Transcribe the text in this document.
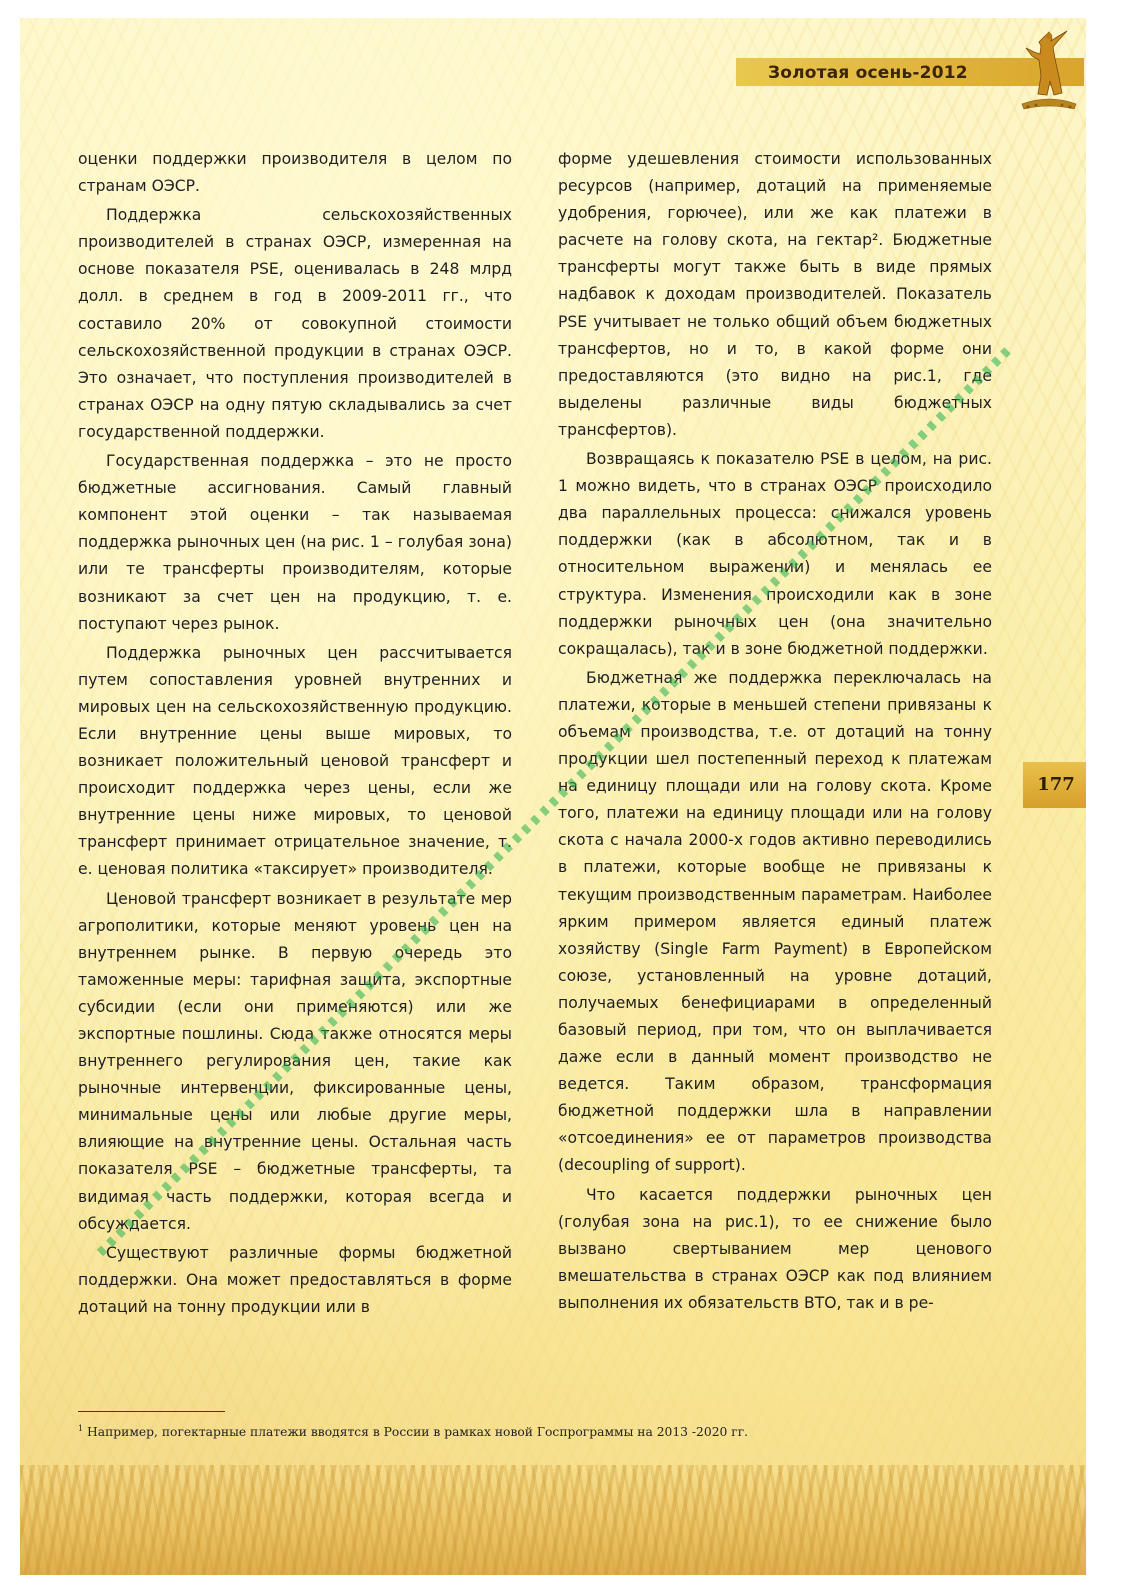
Золотая осень-2012
177

оценки поддержки производителя в целом по странам ОЭСР.

Поддержка сельскохозяйственных производителей в странах ОЭСР, измеренная на основе показателя PSE, оценивалась в 248 млрд долл. в среднем в год в 2009-2011 гг., что составило 20% от совокупной стоимости сельскохозяйственной продукции в странах ОЭСР. Это означает, что поступления производителей в странах ОЭСР на одну пятую складывались за счет государственной поддержки.

Государственная поддержка – это не просто бюджетные ассигнования. Самый главный компонент этой оценки – так называемая поддержка рыночных цен (на рис. 1 – голубая зона) или те трансферты производителям, которые возникают за счет цен на продукцию, т. е. поступают через рынок.

Поддержка рыночных цен рассчитывается путем сопоставления уровней внутренних и мировых цен на сельскохозяйственную продукцию. Если внутренние цены выше мировых, то возникает положительный ценовой трансферт и происходит поддержка через цены, если же внутренние цены ниже мировых, то ценовой трансферт принимает отрицательное значение, т. е. ценовая политика «таксирует» производителя.

Ценовой трансферт возникает в результате мер агрополитики, которые меняют уровень цен на внутреннем рынке. В первую очередь это таможенные меры: тарифная защита, экспортные субсидии (если они применяются) или же экспортные пошлины. Сюда также относятся меры внутреннего регулирования цен, такие как рыночные интервенции, фиксированные цены, минимальные цены или любые другие меры, влияющие на внутренние цены. Остальная часть показателя PSE – бюджетные трансферты, та видимая часть поддержки, которая всегда и обсуждается.

Существуют различные формы бюджетной поддержки. Она может предоставляться в форме дотаций на тонну продукции или в

форме удешевления стоимости использованных ресурсов (например, дотаций на применяемые удобрения, горючее), или же как платежи в расчете на голову скота, на гектар². Бюджетные трансферты могут также быть в виде прямых надбавок к доходам производителей. Показатель PSE учитывает не только общий объем бюджетных трансфертов, но и то, в какой форме они предоставляются (это видно на рис.1, где выделены различные виды бюджетных трансфертов).

Возвращаясь к показателю PSE в целом, на рис. 1 можно видеть, что в странах ОЭСР происходило два параллельных процесса: снижался уровень поддержки (как в абсолютном, так и в относительном выражении) и менялась ее структура. Изменения происходили как в зоне поддержки рыночных цен (она значительно сокращалась), так и в зоне бюджетной поддержки.

Бюджетная же поддержка переключалась на платежи, которые в меньшей степени привязаны к объемам производства, т.е. от дотаций на тонну продукции шел постепенный переход к платежам на единицу площади или на голову скота. Кроме того, платежи на единицу площади или на голову скота с начала 2000-х годов активно переводились в платежи, которые вообще не привязаны к текущим производственным параметрам. Наиболее ярким примером является единый платеж хозяйству (Single Farm Payment) в Европейском союзе, установленный на уровне дотаций, получаемых бенефициарами в определенный базовый период, при том, что он выплачивается даже если в данный момент производство не ведется. Таким образом, трансформация бюджетной поддержки шла в направлении «отсоединения» ее от параметров производства (decoupling of support).

Что касается поддержки рыночных цен (голубая зона на рис.1), то ее снижение было вызвано свертыванием мер ценового вмешательства в странах ОЭСР как под влиянием выполнения их обязательств ВТО, так и в ре-

$^1$ Например, погектарные платежи вводятся в России в рамках новой Госпрограммы на 2013 -2020 гг.
